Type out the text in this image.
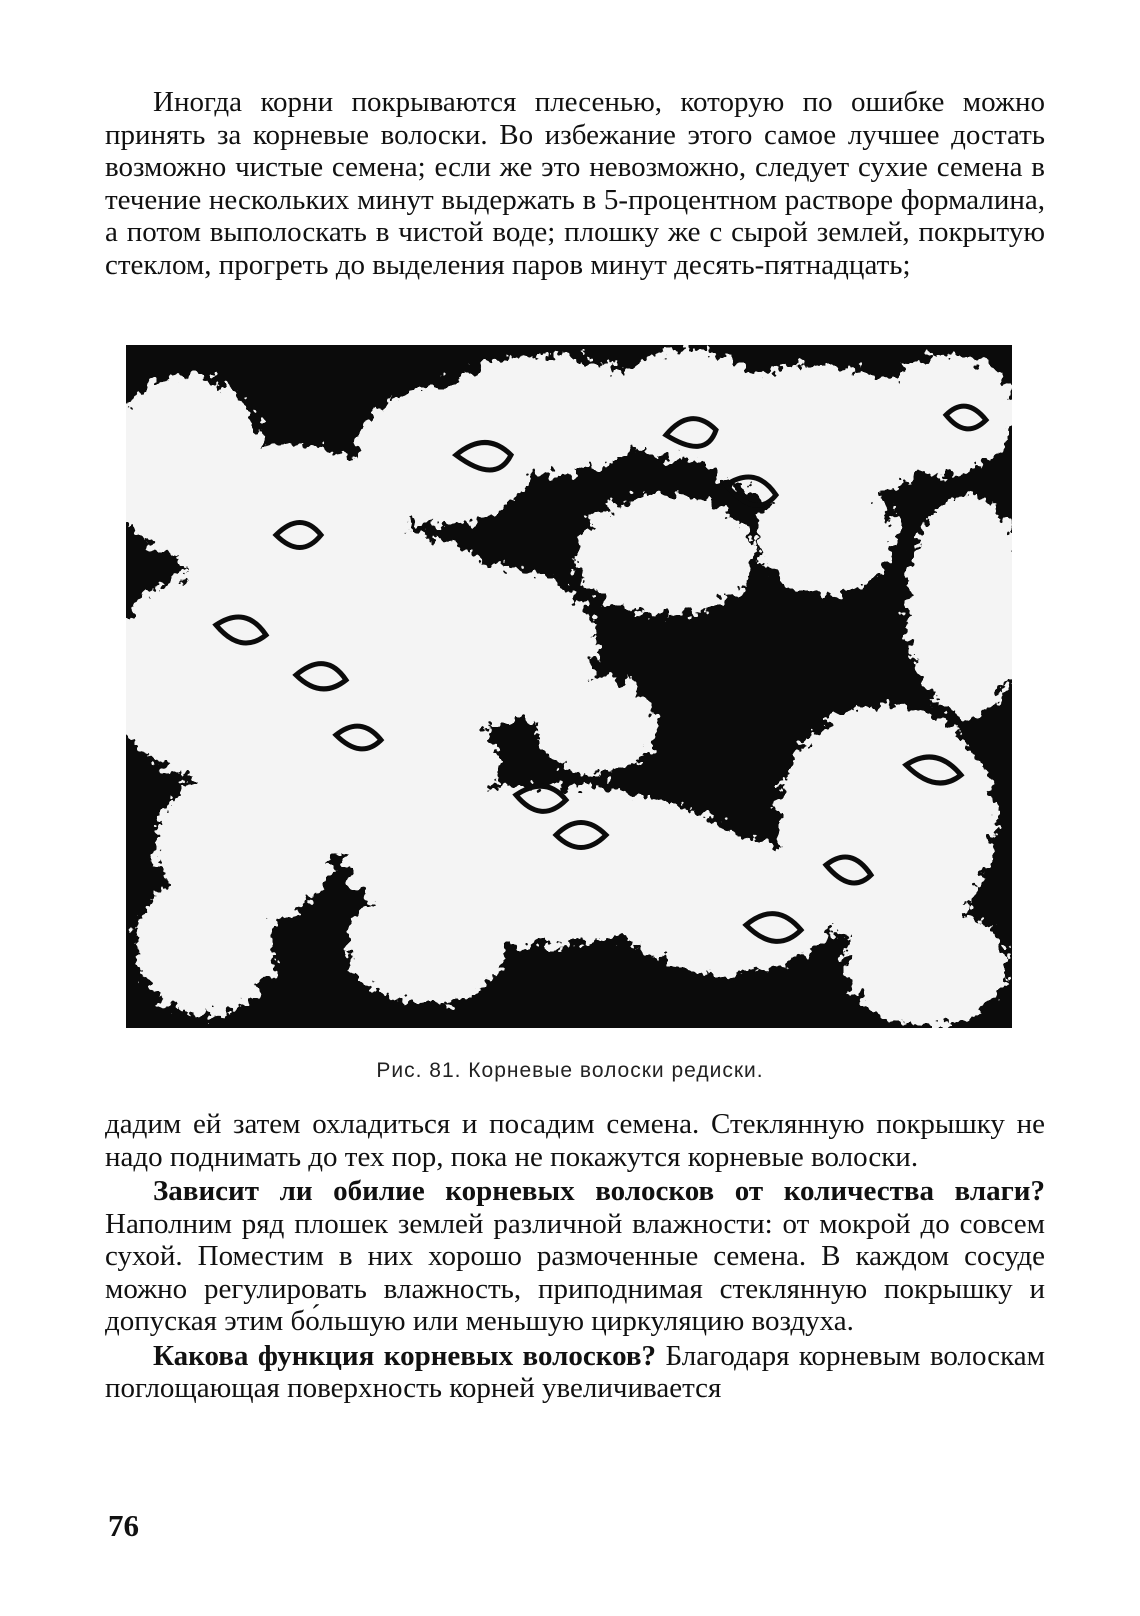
Иногда корни покрываются плесенью, которую по ошибке можно принять за корневые волоски. Во избежание этого самое лучшее достать возможно чистые семена; если же это невозможно, следует сухие семена в течение нескольких минут выдержать в 5-процентном растворе формалина, а потом выполоскать в чистой воде; плошку же с сырой землей, покрытую стеклом, прогреть до выделения паров минут десять-пятнадцать;

Рис. 81. Корневые волоски редиски.

дадим ей затем охладиться и посадим семена. Стеклянную покрышку не надо поднимать до тех пор, пока не покажутся корневые волоски.

Зависит ли обилие корневых волосков от количества влаги? Наполним ряд плошек землей различной влажности: от мокрой до совсем сухой. Поместим в них хорошо размоченные семена. В каждом сосуде можно регулировать влажность, приподнимая стеклянную покрышку и допуская этим бо́льшую или меньшую циркуляцию воздуха.

Какова функция корневых волосков? Благодаря корневым волоскам поглощающая поверхность корней увеличивается

76
